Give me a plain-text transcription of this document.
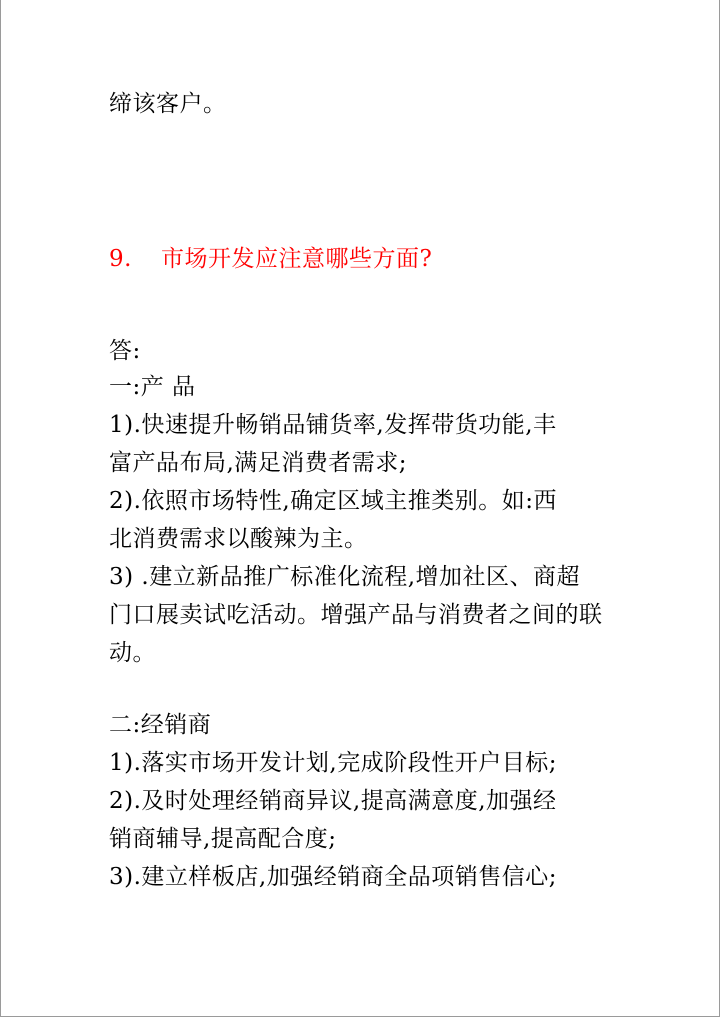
缔该客户。
9. 市场开发应注意哪些方面?
答:
一:产 品
1).快速提升畅销品铺货率,发挥带货功能,丰
富产品布局,满足消费者需求;
2).依照市场特性,确定区域主推类别。如:西
北消费需求以酸辣为主。
3) .建立新品推广标准化流程,增加社区、商超
门口展卖试吃活动。增强产品与消费者之间的联
动。
二:经销商
1).落实市场开发计划,完成阶段性开户目标;
2).及时处理经销商异议,提高满意度,加强经
销商辅导,提高配合度;
3).建立样板店,加强经销商全品项销售信心;
